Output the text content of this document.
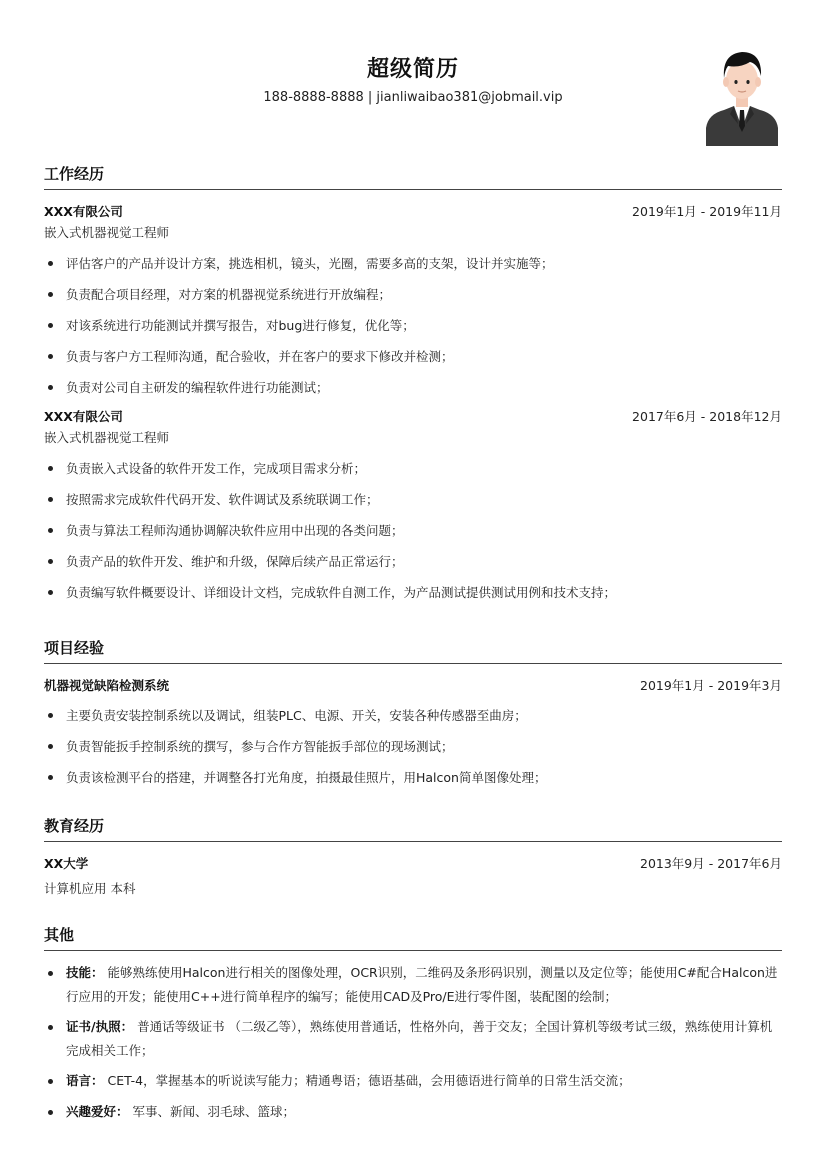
超级简历
188-8888-8888 | jianliwaibao381@jobmail.vip
工作经历
XXX有限公司	2019年1月 - 2019年11月
嵌入式机器视觉工程师
评估客户的产品并设计方案，挑选相机，镜头，光圈，需要多高的支架，设计并实施等；
负责配合项目经理，对方案的机器视觉系统进行开放编程；
对该系统进行功能测试并撰写报告，对bug进行修复，优化等；
负责与客户方工程师沟通，配合验收，并在客户的要求下修改并检测；
负责对公司自主研发的编程软件进行功能测试；
XXX有限公司	2017年6月 - 2018年12月
嵌入式机器视觉工程师
负责嵌入式设备的软件开发工作，完成项目需求分析；
按照需求完成软件代码开发、软件调试及系统联调工作；
负责与算法工程师沟通协调解决软件应用中出现的各类问题；
负责产品的软件开发、维护和升级，保障后续产品正常运行；
负责编写软件概要设计、详细设计文档，完成软件自测工作，为产品测试提供测试用例和技术支持；
项目经验
机器视觉缺陷检测系统	2019年1月 - 2019年3月
主要负责安装控制系统以及调试，组装PLC、电源、开关，安装各种传感器至曲房；
负责智能扳手控制系统的撰写，参与合作方智能扳手部位的现场测试；
负责该检测平台的搭建，并调整各打光角度，拍摄最佳照片，用Halcon简单图像处理；
教育经历
XX大学	2013年9月 - 2017年6月
计算机应用 本科
其他
技能： 能够熟练使用Halcon进行相关的图像处理，OCR识别，二维码及条形码识别，测量以及定位等；能使用C#配合Halcon进行应用的开发；能使用C++进行简单程序的编写；能使用CAD及Pro/E进行零件图，装配图的绘制；
证书/执照： 普通话等级证书 （二级乙等），熟练使用普通话，性格外向，善于交友；全国计算机等级考试三级，熟练使用计算机完成相关工作；
语言： CET-4，掌握基本的听说读写能力；精通粤语；德语基础，会用德语进行简单的日常生活交流；
兴趣爱好： 军事、新闻、羽毛球、篮球；
